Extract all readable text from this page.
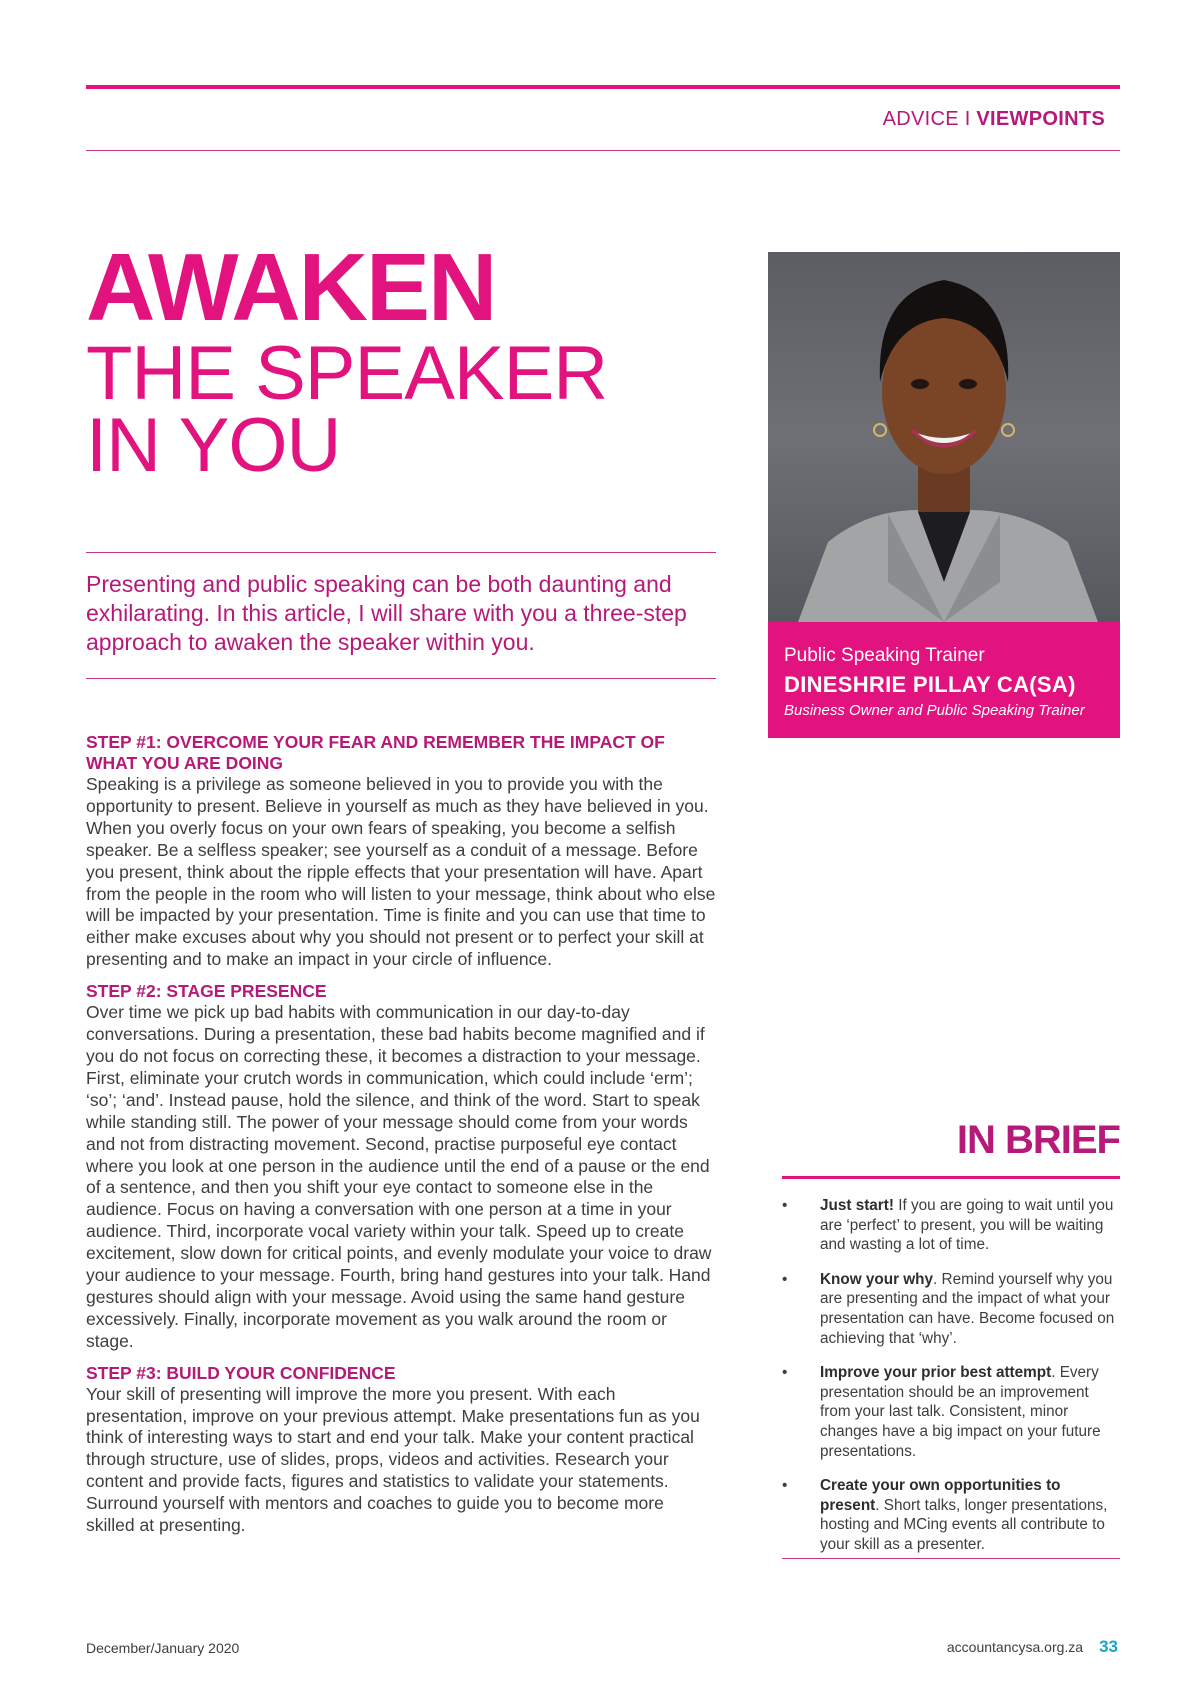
ADVICE I VIEWPOINTS
AWAKEN
THE SPEAKER
IN YOU
Presenting and public speaking can be both daunting and exhilarating. In this article, I will share with you a three-step approach to awaken the speaker within you.

STEP #1: OVERCOME YOUR FEAR AND REMEMBER THE IMPACT OF WHAT YOU ARE DOING

Speaking is a privilege as someone believed in you to provide you with the opportunity to present. Believe in yourself as much as they have believed in you. When you overly focus on your own fears of speaking, you become a selfish speaker. Be a selfless speaker; see yourself as a conduit of a message. Before you present, think about the ripple effects that your presentation will have. Apart from the people in the room who will listen to your message, think about who else will be impacted by your presentation. Time is finite and you can use that time to either make excuses about why you should not present or to perfect your skill at presenting and to make an impact in your circle of influence.

STEP #2: STAGE PRESENCE

Over time we pick up bad habits with communication in our day-to-day conversations. During a presentation, these bad habits become magnified and if you do not focus on correcting these, it becomes a distraction to your message. First, eliminate your crutch words in communication, which could include ‘erm’; ‘so’; ‘and’. Instead pause, hold the silence, and think of the word. Start to speak while standing still. The power of your message should come from your words and not from distracting movement. Second, practise purposeful eye contact where you look at one person in the audience until the end of a pause or the end of a sentence, and then you shift your eye contact to someone else in the audience. Focus on having a conversation with one person at a time in your audience. Third, incorporate vocal variety within your talk. Speed up to create excitement, slow down for critical points, and evenly modulate your voice to draw your audience to your message. Fourth, bring hand gestures into your talk. Hand gestures should align with your message. Avoid using the same hand gesture excessively. Finally, incorporate movement as you walk around the room or stage.

STEP #3: BUILD YOUR CONFIDENCE

Your skill of presenting will improve the more you present. With each presentation, improve on your previous attempt. Make presentations fun as you think of interesting ways to start and end your talk. Make your content practical through structure, use of slides, props, videos and activities. Research your content and provide facts, figures and statistics to validate your statements. Surround yourself with mentors and coaches to guide you to become more skilled at presenting.

Public Speaking Trainer
DINESHRIE PILLAY CA(SA)
Business Owner and Public Speaking Trainer
IN BRIEF
• Just start! If you are going to wait until you are ‘perfect’ to present, you will be waiting and wasting a lot of time.
• Know your why. Remind yourself why you are presenting and the impact of what your presentation can have. Become focused on achieving that ‘why’.
• Improve your prior best attempt. Every presentation should be an improvement from your last talk. Consistent, minor changes have a big impact on your future presentations.
• Create your own opportunities to present. Short talks, longer presentations, hosting and MCing events all contribute to your skill as a presenter.
December/January 2020	accountancysa.org.za 33
